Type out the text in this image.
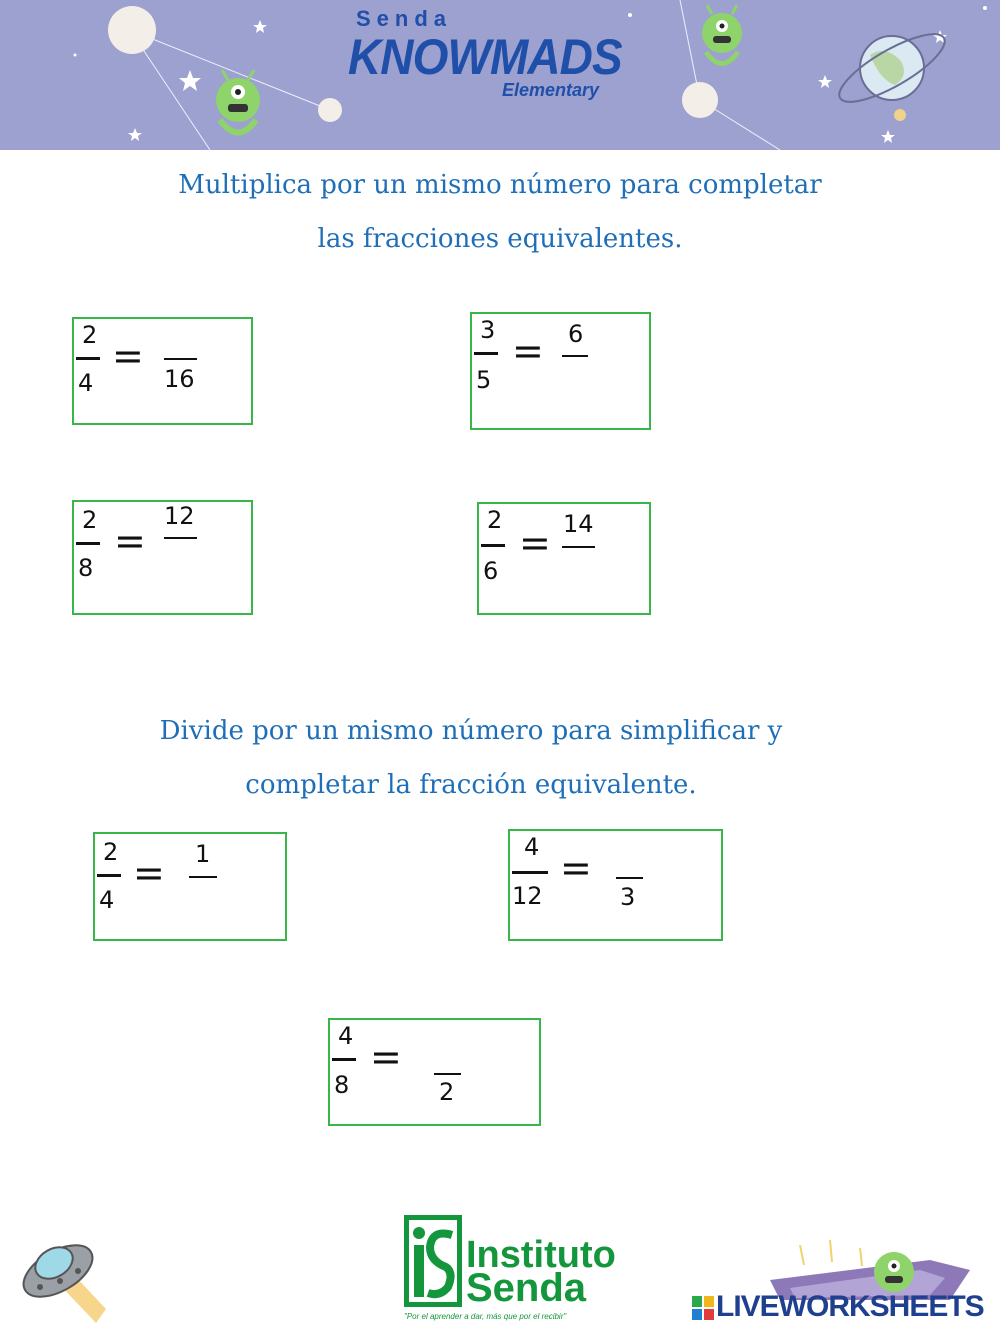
Senda
KNOWMADS
Elementary
Multiplica por un mismo número para completar
las fracciones equivalentes.
2
4
=
16
3
5
= 6
2
8
=
12	2
6
= 14
Divide por un mismo número para simplificar y
completar la fracción equivalente.
2
4
= 1	4
12
=
3
4
8
=
2
Instituto
Senda
"Por el aprender a dar, más que por el recibir"	LIVEWORKSHEETS
